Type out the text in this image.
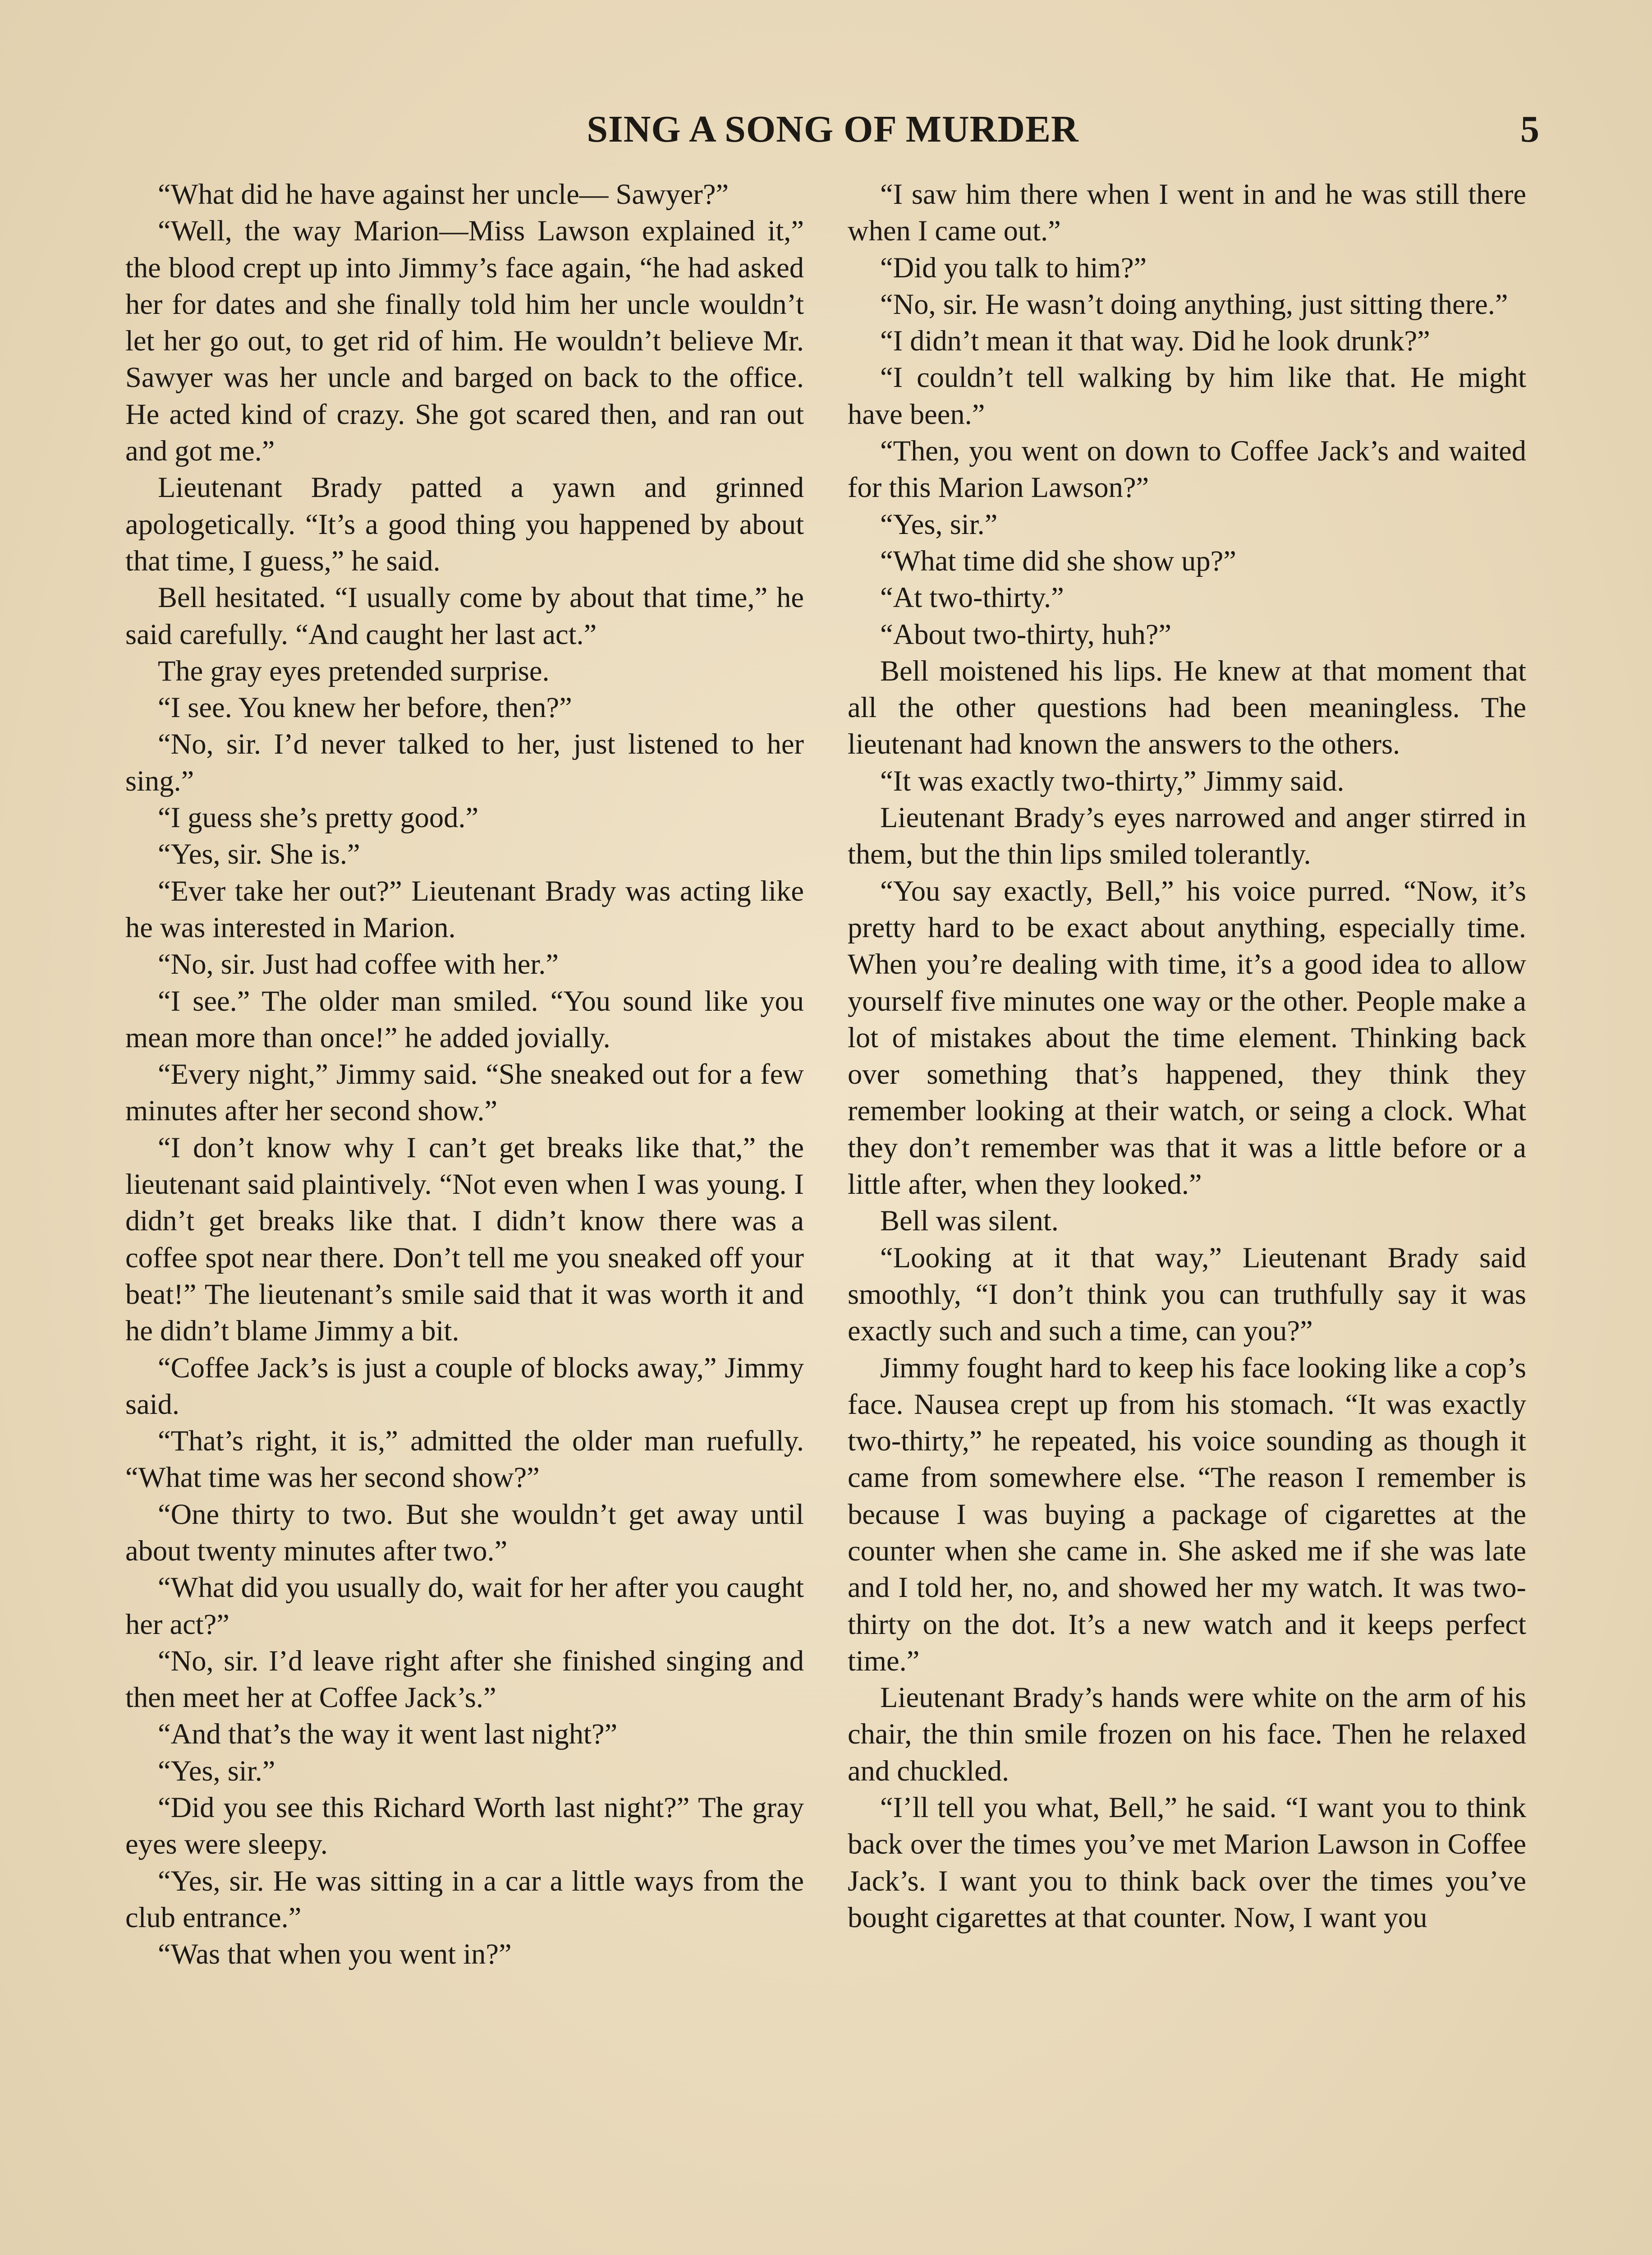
SING A SONG OF MURDER	5

“What did he have against her uncle— Sawyer?”

“Well, the way Marion—Miss Lawson explained it,” the blood crept up into Jimmy’s face again, “he had asked her for dates and she finally told him her uncle wouldn’t let her go out, to get rid of him. He wouldn’t believe Mr. Sawyer was her uncle and barged on back to the office. He acted kind of crazy. She got scared then, and ran out and got me.”

Lieutenant Brady patted a yawn and grinned apologetically. “It’s a good thing you happened by about that time, I guess,” he said.

Bell hesitated. “I usually come by about that time,” he said carefully. “And caught her last act.”

The gray eyes pretended surprise.

“I see. You knew her before, then?”

“No, sir. I’d never talked to her, just listened to her sing.”

“I guess she’s pretty good.”

“Yes, sir. She is.”

“Ever take her out?” Lieutenant Brady was acting like he was interested in Marion.

“No, sir. Just had coffee with her.”

“I see.” The older man smiled. “You sound like you mean more than once!” he added jovially.

“Every night,” Jimmy said. “She sneaked out for a few minutes after her second show.”

“I don’t know why I can’t get breaks like that,” the lieutenant said plaintively. “Not even when I was young. I didn’t get breaks like that. I didn’t know there was a coffee spot near there. Don’t tell me you sneaked off your beat!” The lieutenant’s smile said that it was worth it and he didn’t blame Jimmy a bit.

“Coffee Jack’s is just a couple of blocks away,” Jimmy said.

“That’s right, it is,” admitted the older man ruefully. “What time was her second show?”

“One thirty to two. But she wouldn’t get away until about twenty minutes after two.”

“What did you usually do, wait for her after you caught her act?”

“No, sir. I’d leave right after she finished singing and then meet her at Coffee Jack’s.”

“And that’s the way it went last night?”

“Yes, sir.”

“Did you see this Richard Worth last night?” The gray eyes were sleepy.

“Yes, sir. He was sitting in a car a little ways from the club entrance.”

“Was that when you went in?”

“I saw him there when I went in and he was still there when I came out.”

“Did you talk to him?”

“No, sir. He wasn’t doing anything, just sitting there.”

“I didn’t mean it that way. Did he look drunk?”

“I couldn’t tell walking by him like that. He might have been.”

“Then, you went on down to Coffee Jack’s and waited for this Marion Lawson?”

“Yes, sir.”

“What time did she show up?”

“At two-thirty.”

“About two-thirty, huh?”

Bell moistened his lips. He knew at that moment that all the other questions had been meaningless. The lieutenant had known the answers to the others.

“It was exactly two-thirty,” Jimmy said.

Lieutenant Brady’s eyes narrowed and anger stirred in them, but the thin lips smiled tolerantly.

“You say exactly, Bell,” his voice purred. “Now, it’s pretty hard to be exact about anything, especially time. When you’re dealing with time, it’s a good idea to allow yourself five minutes one way or the other. People make a lot of mistakes about the time element. Thinking back over something that’s happened, they think they remember looking at their watch, or seing a clock. What they don’t remember was that it was a little before or a little after, when they looked.”

Bell was silent.

“Looking at it that way,” Lieutenant Brady said smoothly, “I don’t think you can truthfully say it was exactly such and such a time, can you?”

Jimmy fought hard to keep his face looking like a cop’s face. Nausea crept up from his stomach. “It was exactly two-thirty,” he repeated, his voice sounding as though it came from somewhere else. “The reason I remember is because I was buying a package of cigarettes at the counter when she came in. She asked me if she was late and I told her, no, and showed her my watch. It was two-thirty on the dot. It’s a new watch and it keeps perfect time.”

Lieutenant Brady’s hands were white on the arm of his chair, the thin smile frozen on his face. Then he relaxed and chuckled.

“I’ll tell you what, Bell,” he said. “I want you to think back over the times you’ve met Marion Lawson in Coffee Jack’s. I want you to think back over the times you’ve bought cigarettes at that counter. Now, I want you
